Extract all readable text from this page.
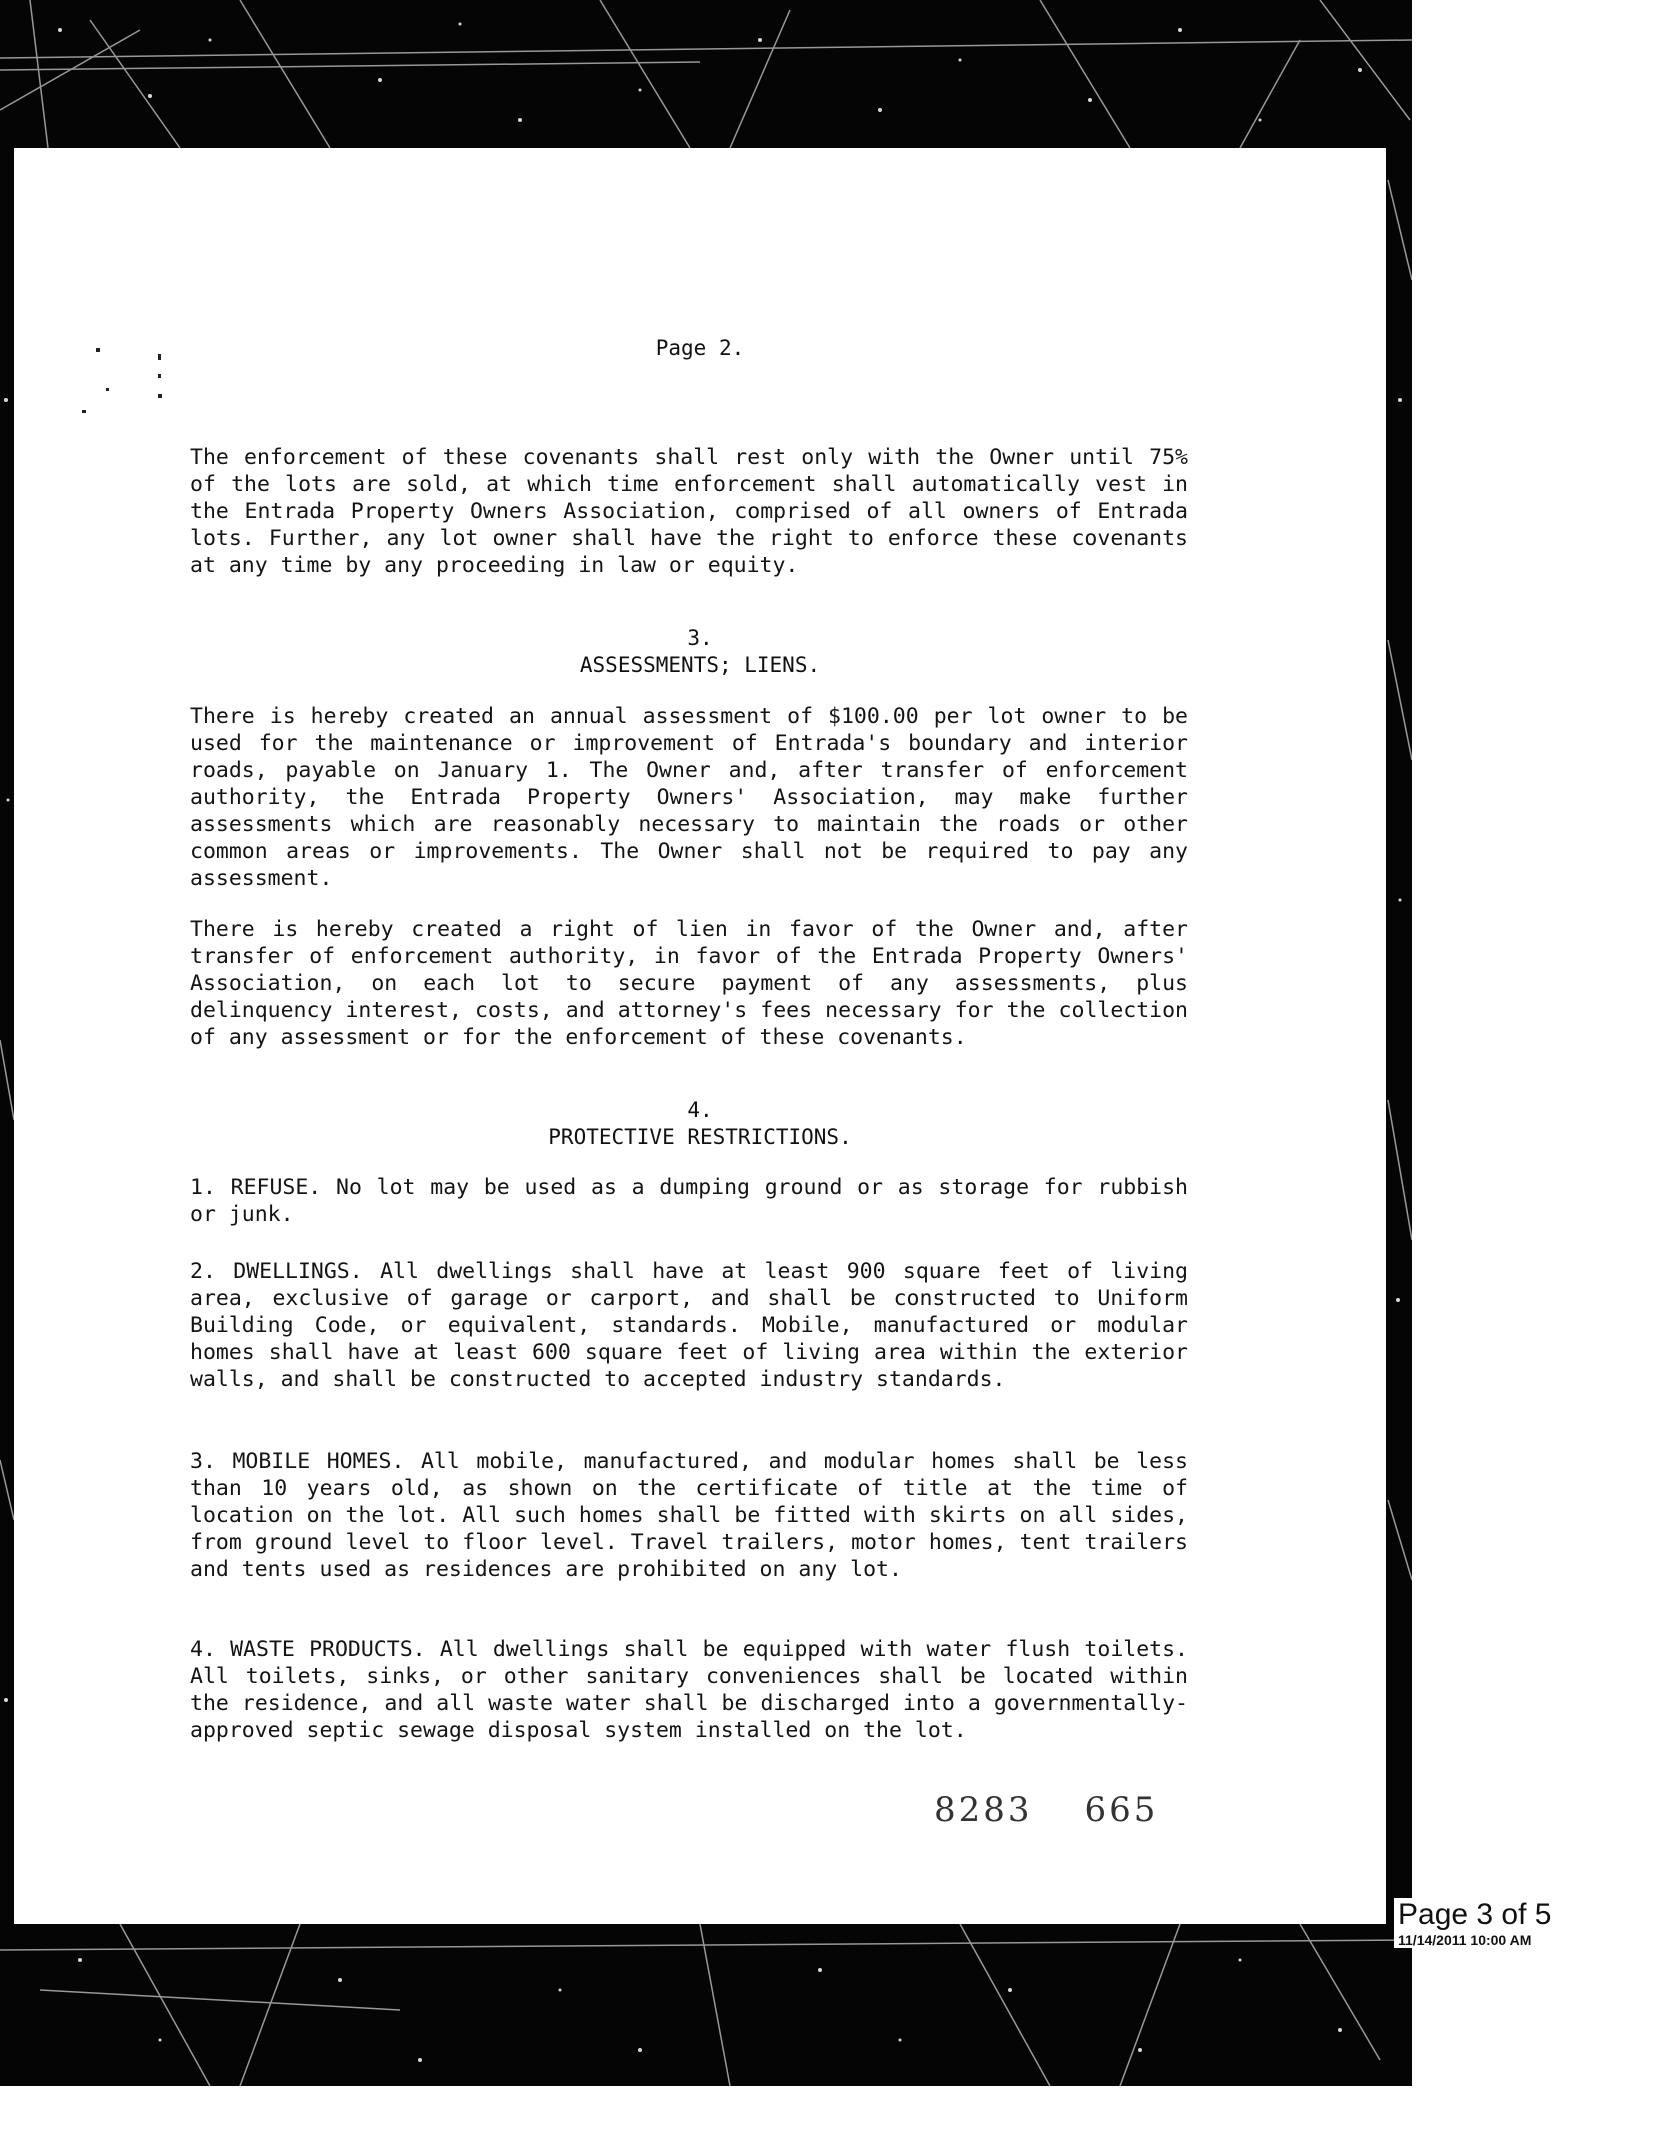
Page 2.

The enforcement of these covenants shall rest only with the Owner until 75% of the lots are sold, at which time enforcement shall automatically vest in the Entrada Property Owners Association, comprised of all owners of Entrada lots. Further, any lot owner shall have the right to enforce these covenants at any time by any proceeding in law or equity.

3.
ASSESSMENTS; LIENS.

There is hereby created an annual assessment of $100.00 per lot owner to be used for the maintenance or improvement of Entrada's boundary and interior roads, payable on January 1. The Owner and, after transfer of enforcement authority, the Entrada Property Owners' Association, may make further assessments which are reasonably necessary to maintain the roads or other common areas or improvements. The Owner shall not be required to pay any assessment.

There is hereby created a right of lien in favor of the Owner and, after transfer of enforcement authority, in favor of the Entrada Property Owners' Association, on each lot to secure payment of any assessments, plus delinquency interest, costs, and attorney's fees necessary for the collection of any assessment or for the enforcement of these covenants.

4.
PROTECTIVE RESTRICTIONS.

1. REFUSE. No lot may be used as a dumping ground or as storage for rubbish or junk.

2. DWELLINGS. All dwellings shall have at least 900 square feet of living area, exclusive of garage or carport, and shall be constructed to Uniform Building Code, or equivalent, standards. Mobile, manufactured or modular homes shall have at least 600 square feet of living area within the exterior walls, and shall be constructed to accepted industry standards.

3. MOBILE HOMES. All mobile, manufactured, and modular homes shall be less than 10 years old, as shown on the certificate of title at the time of location on the lot. All such homes shall be fitted with skirts on all sides, from ground level to floor level. Travel trailers, motor homes, tent trailers and tents used as residences are prohibited on any lot.

4. WASTE PRODUCTS. All dwellings shall be equipped with water flush toilets. All toilets, sinks, or other sanitary conveniences shall be located within the residence, and all waste water shall be discharged into a governmentally-approved septic sewage disposal system installed on the lot.

8283 665
Page 3 of 5
11/14/2011 10:00 AM
